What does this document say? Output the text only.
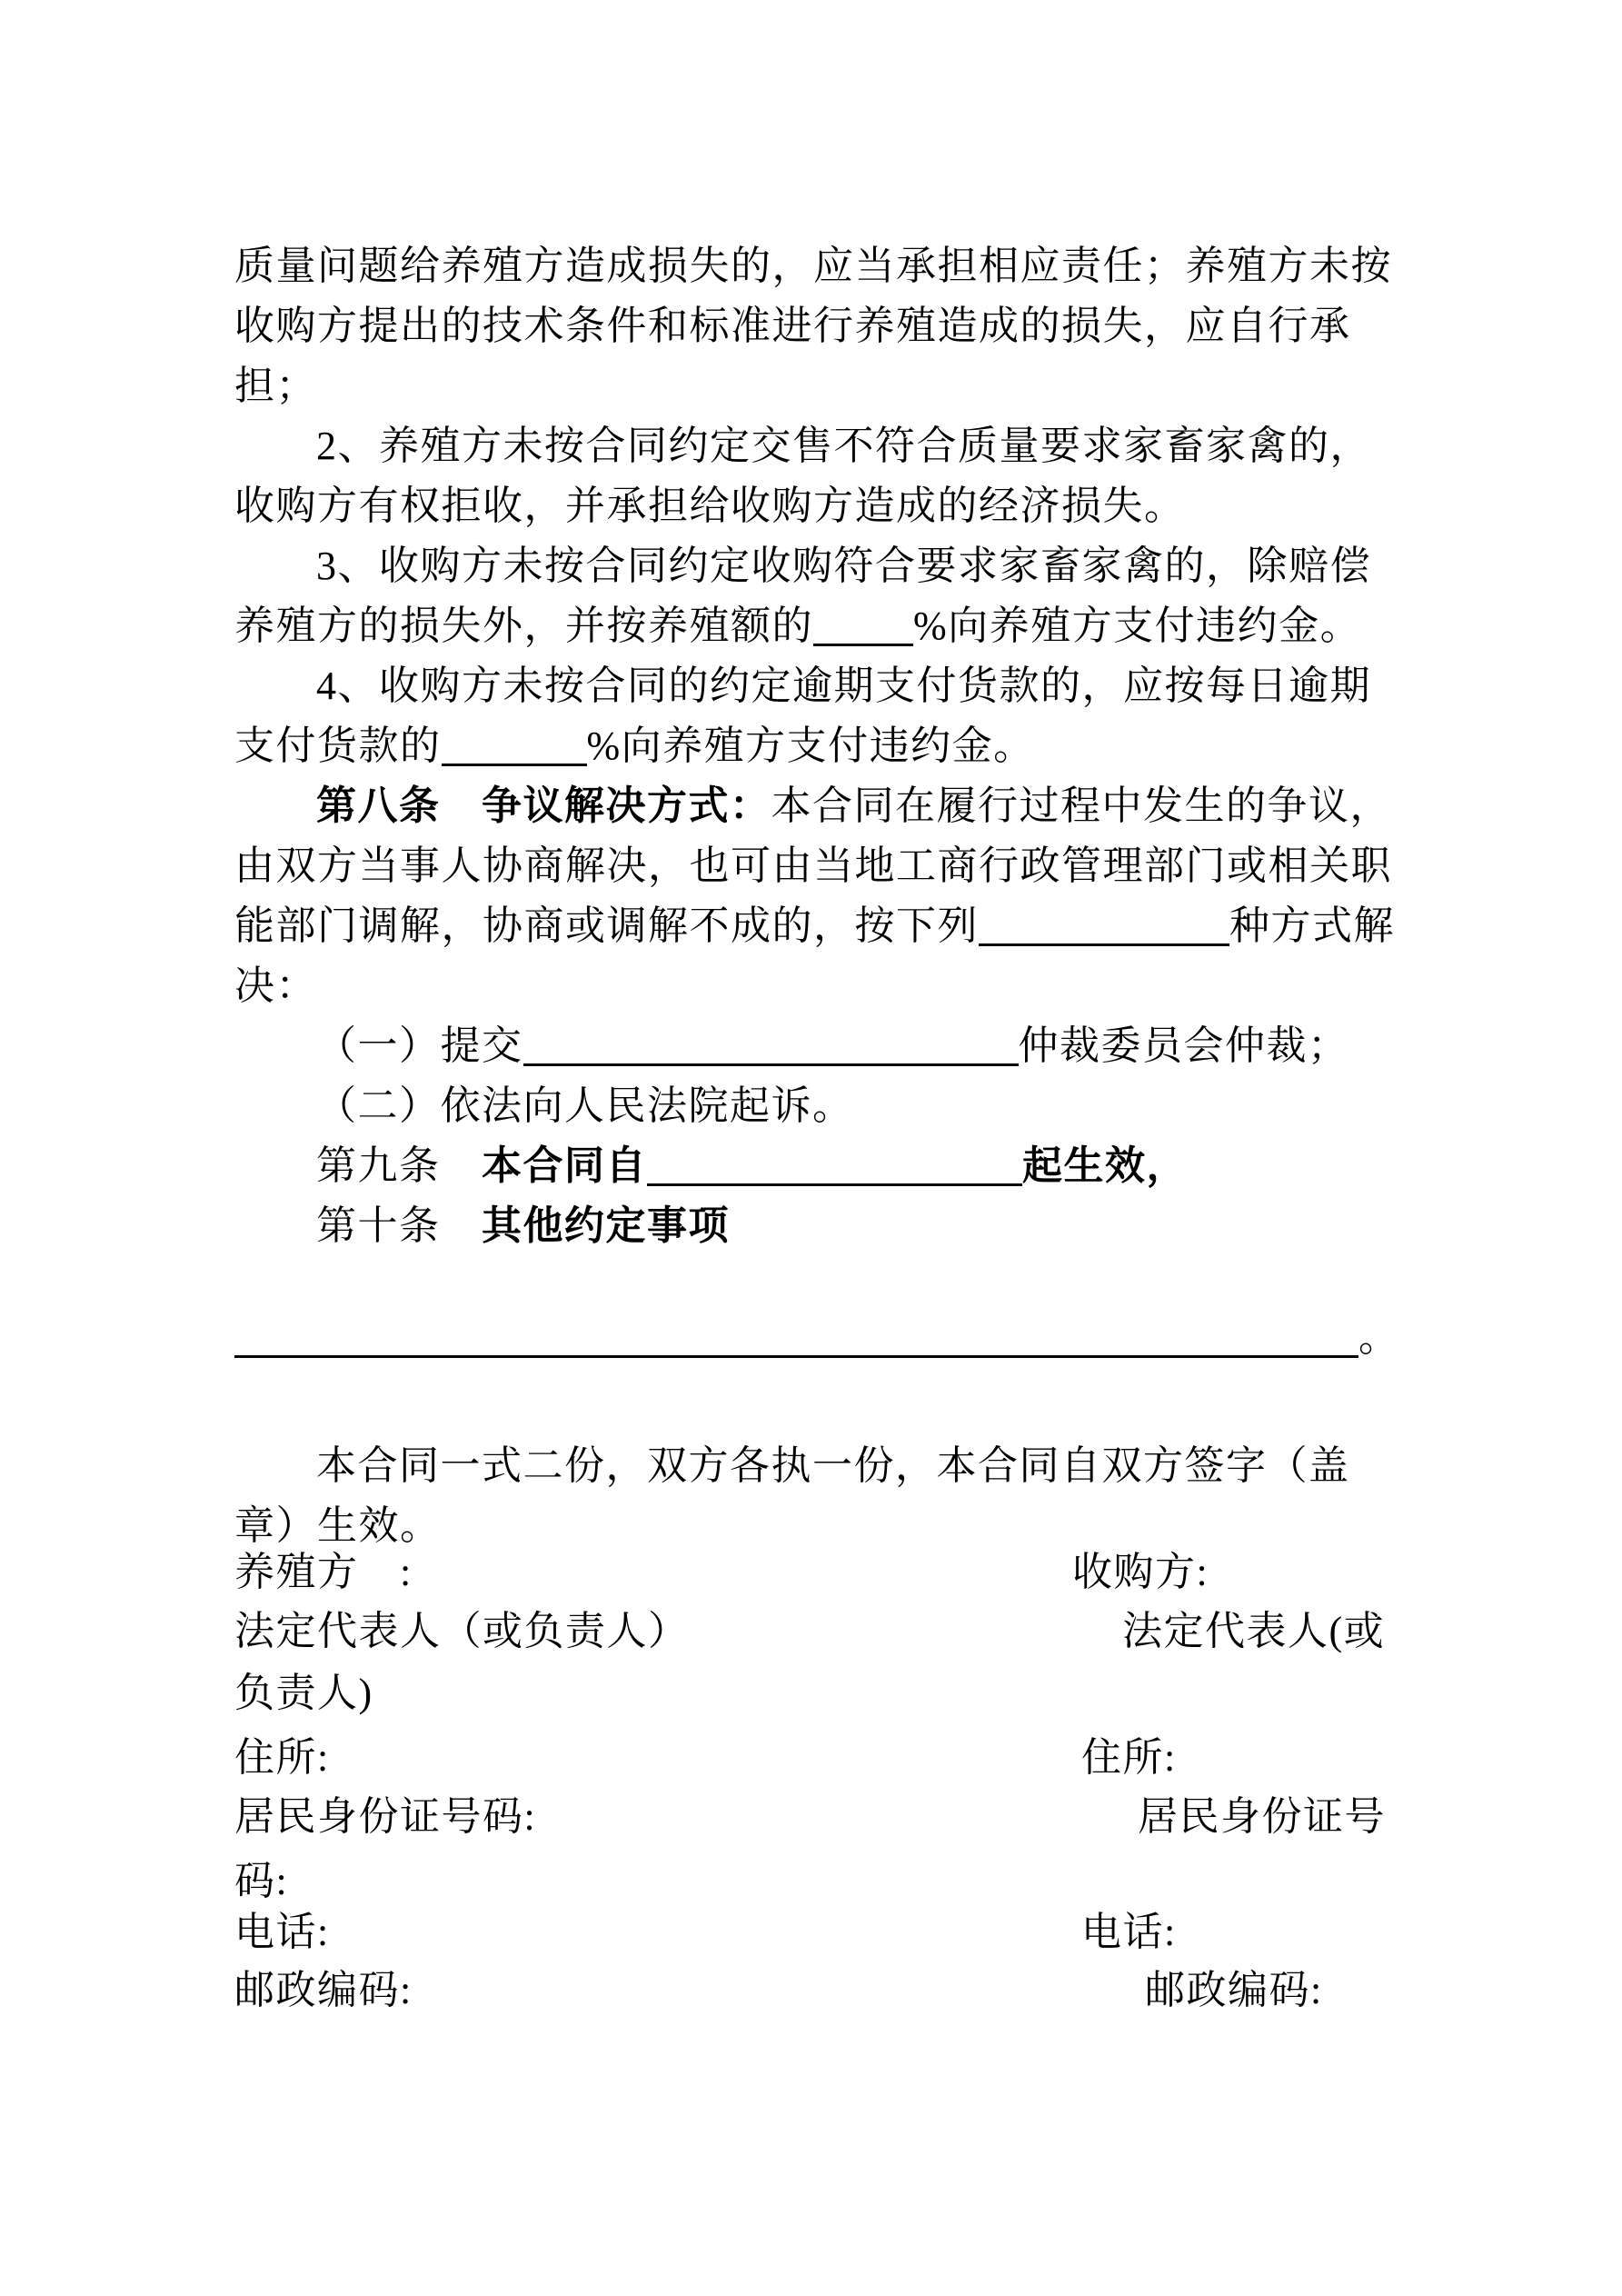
质量问题给养殖方造成损失的，应当承担相应责任；养殖方未按
收购方提出的技术条件和标准进行养殖造成的损失，应自行承
担；
2、养殖方未按合同约定交售不符合质量要求家畜家禽的，
收购方有权拒收，并承担给收购方造成的经济损失。
3、收购方未按合同约定收购符合要求家畜家禽的，除赔偿
养殖方的损失外，并按养殖额的	%向养殖方支付违约金。
4、收购方未按合同的约定逾期支付货款的，应按每日逾期
支付货款的	%向养殖方支付违约金。
第八条　争议解决方式：本合同在履行过程中发生的争议，
由双方当事人协商解决，也可由当地工商行政管理部门或相关职
能部门调解，协商或调解不成的，按下列	种方式解
决：
（一）提交	仲裁委员会仲裁；
（二）依法向人民法院起诉。
第九条　本合同自	起生效，
第十条　其他约定事项
。
本合同一式二份，双方各执一份，本合同自双方签字（盖
章）生效。
养殖方　:	收购方:
法定代表人（或负责人）	法定代表人(或
负责人)
住所:	住所:
居民身份证号码:	居民身份证号
码:
电话:	电话:
邮政编码:	邮政编码:
